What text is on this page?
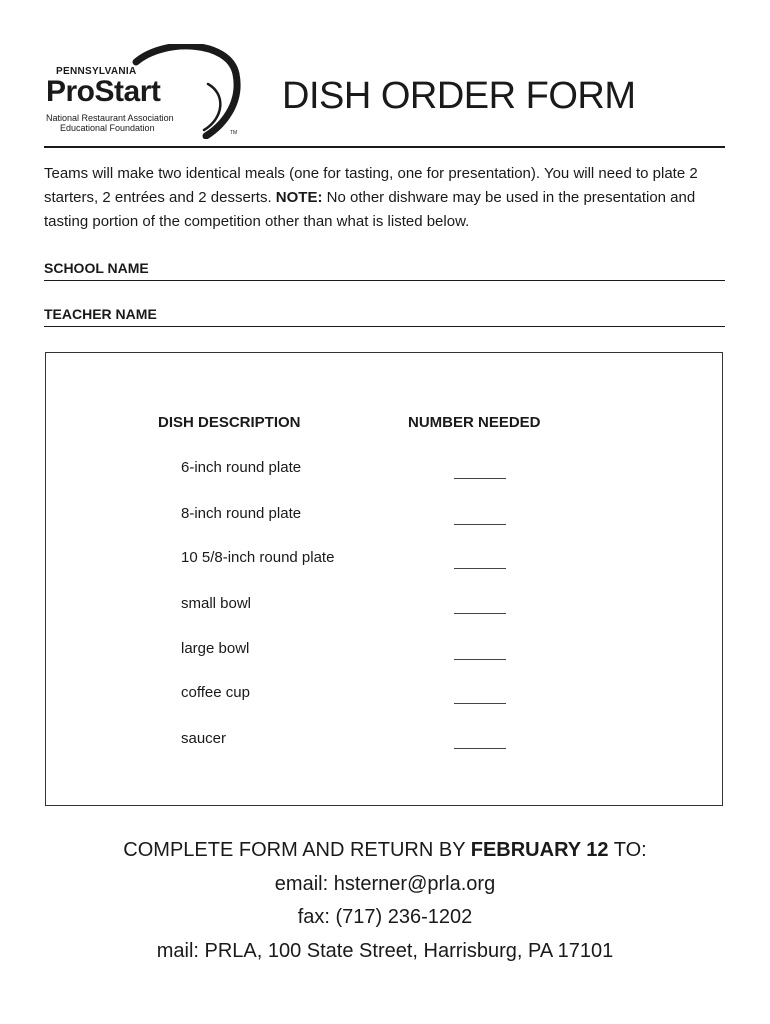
PENNSYLVANIA
ProStart
National Restaurant Association
Educational Foundation	TM
DISH ORDER FORM

Teams will make two identical meals (one for tasting, one for presentation). You will need to plate 2 starters, 2 entrées and 2 desserts. NOTE: No other dishware may be used in the presentation and tasting portion of the competition other than what is listed below.

SCHOOL NAME
TEACHER NAME
DISH DESCRIPTION	NUMBER NEEDED
6-inch round plate
8-inch round plate
10 5/8-inch round plate
small bowl
large bowl
coffee cup
saucer
COMPLETE FORM AND RETURN BY FEBRUARY 12 TO:
email: hsterner@prla.org
fax: (717) 236-1202
mail: PRLA, 100 State Street, Harrisburg, PA 17101
